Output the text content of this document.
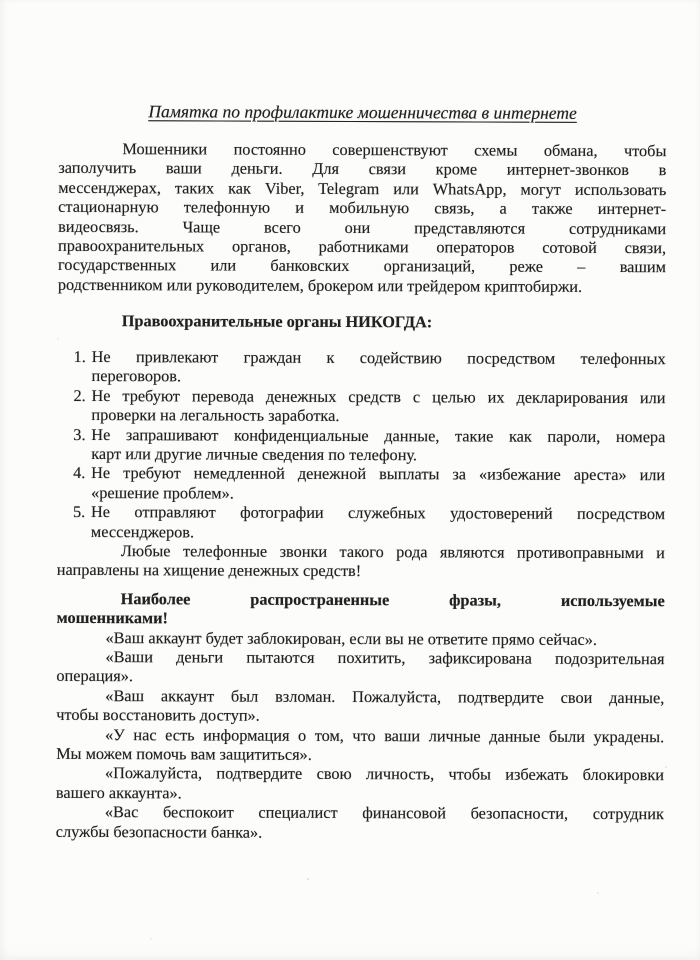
Памятка по профилактике мошенничества в интернете
Мошенники постоянно совершенствуют схемы обмана, чтобы
заполучить ваши деньги. Для связи кроме интернет-звонков в
мессенджерах, таких как Viber, Telegram или WhatsApp, могут использовать
стационарную телефонную и мобильную связь, а также интернет-
видеосвязь. Чаще всего они представляются сотрудниками
правоохранительных органов, работниками операторов сотовой связи,
государственных или банковских организаций, реже – вашим
родственником или руководителем, брокером или трейдером криптобиржи.

Правоохранительные органы НИКОГДА:

1. Не привлекают граждан к содействию посредством телефонных
переговоров.
2. Не требуют перевода денежных средств с целью их декларирования или
проверки на легальность заработка.
3. Не запрашивают конфиденциальные данные, такие как пароли, номера
карт или другие личные сведения по телефону.
4. Не требуют немедленной денежной выплаты за «избежание ареста» или
«решение проблем».
5. Не отправляют фотографии служебных удостоверений посредством
мессенджеров.
Любые телефонные звонки такого рода являются противоправными и
направлены на хищение денежных средств!
Наиболее распространенные фразы, используемые
мошенниками!
«Ваш аккаунт будет заблокирован, если вы не ответите прямо сейчас».
«Ваши деньги пытаются похитить, зафиксирована подозрительная
операция».
«Ваш аккаунт был взломан. Пожалуйста, подтвердите свои данные,
чтобы восстановить доступ».
«У нас есть информация о том, что ваши личные данные были украдены.
Мы можем помочь вам защититься».
«Пожалуйста, подтвердите свою личность, чтобы избежать блокировки
вашего аккаунта».
«Вас беспокоит специалист финансовой безопасности, сотрудник
службы безопасности банка».
